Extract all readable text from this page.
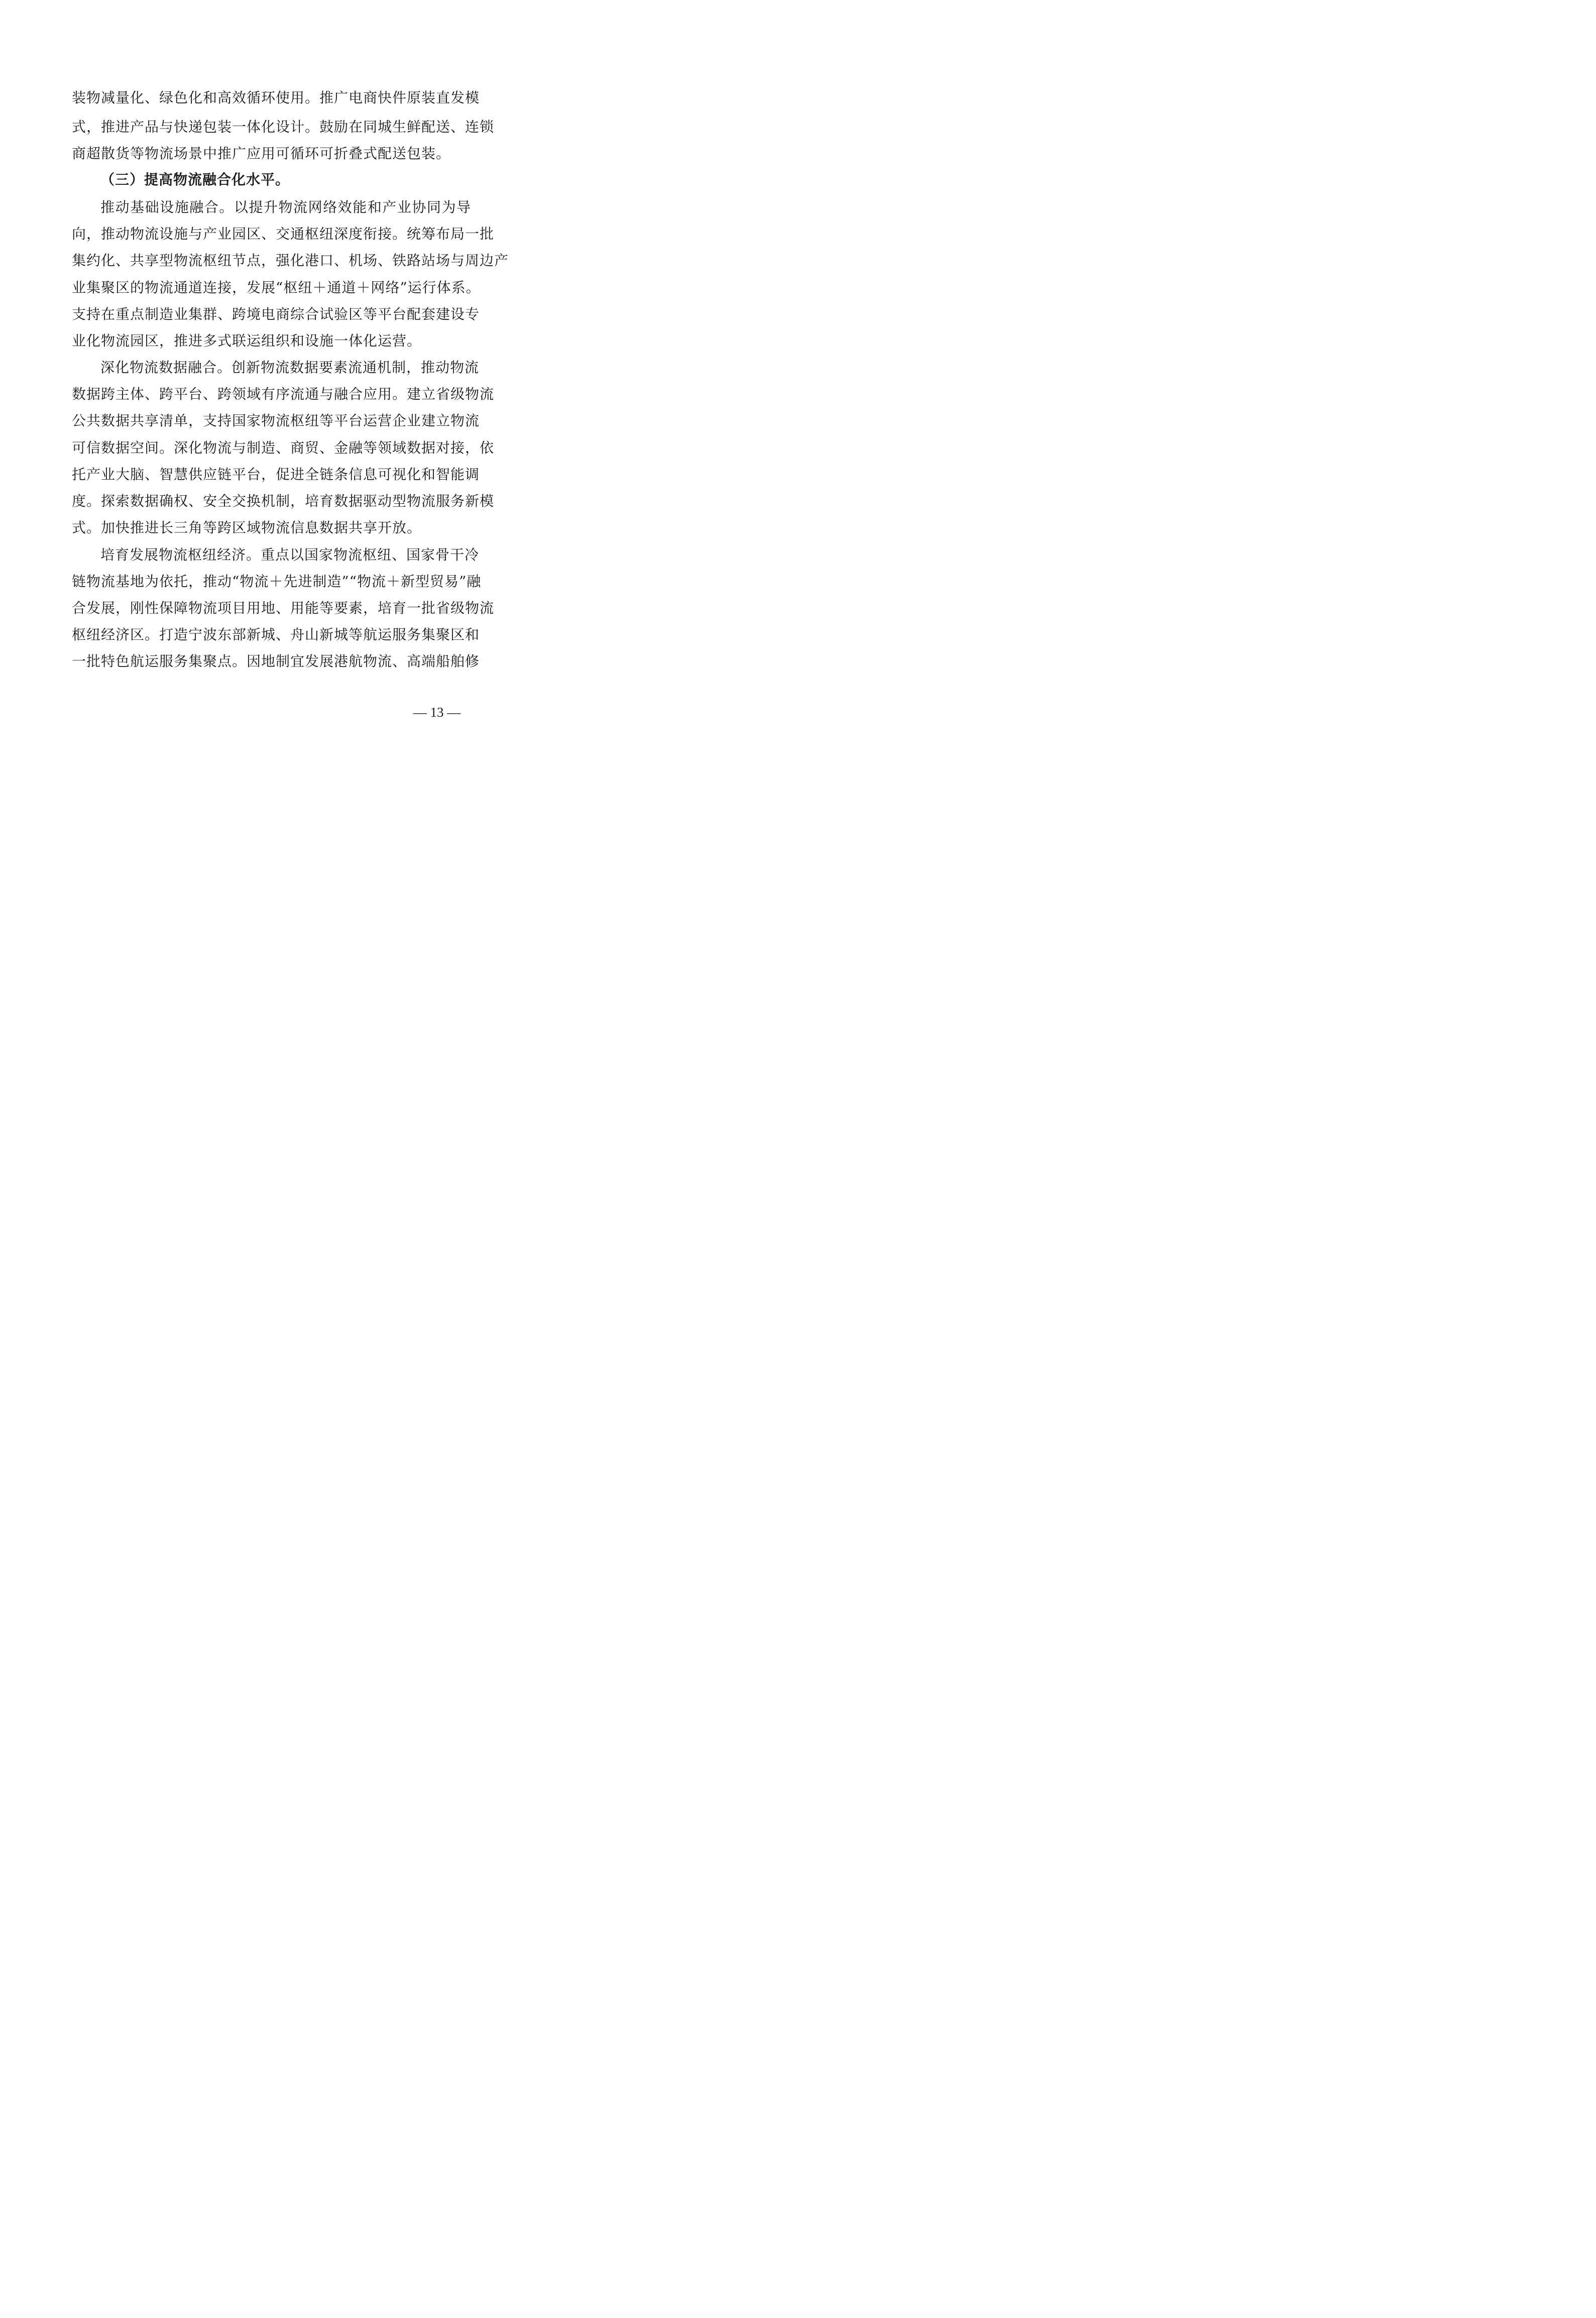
装物减量化、绿色化和高效循环使用。推广电商快件原装直发模
式，推进产品与快递包装一体化设计。鼓励在同城生鲜配送、连锁
商超散货等物流场景中推广应用可循环可折叠式配送包装。
（三）提高物流融合化水平。
推动基础设施融合。以提升物流网络效能和产业协同为导
向，推动物流设施与产业园区、交通枢纽深度衔接。统筹布局一批
集约化、共享型物流枢纽节点，强化港口、机场、铁路站场与周边产
业集聚区的物流通道连接，发展“枢纽＋通道＋网络”运行体系。
支持在重点制造业集群、跨境电商综合试验区等平台配套建设专
业化物流园区，推进多式联运组织和设施一体化运营。
深化物流数据融合。创新物流数据要素流通机制，推动物流
数据跨主体、跨平台、跨领域有序流通与融合应用。建立省级物流
公共数据共享清单，支持国家物流枢纽等平台运营企业建立物流
可信数据空间。深化物流与制造、商贸、金融等领域数据对接，依
托产业大脑、智慧供应链平台，促进全链条信息可视化和智能调
度。探索数据确权、安全交换机制，培育数据驱动型物流服务新模
式。加快推进长三角等跨区域物流信息数据共享开放。
培育发展物流枢纽经济。重点以国家物流枢纽、国家骨干冷
链物流基地为依托，推动“物流＋先进制造”“物流＋新型贸易”融
合发展，刚性保障物流项目用地、用能等要素，培育一批省级物流
枢纽经济区。打造宁波东部新城、舟山新城等航运服务集聚区和
一批特色航运服务集聚点。因地制宜发展港航物流、高端船舶修
— 13 —
